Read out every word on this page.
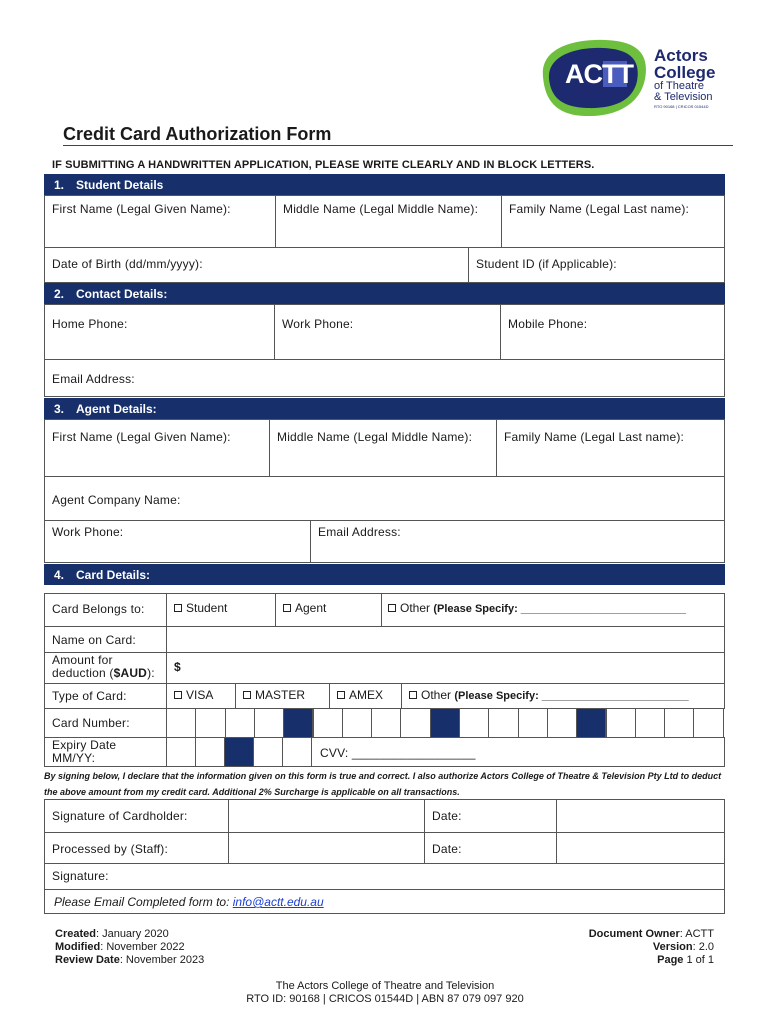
ACTT
Actors
College
of Theatre
& Television
RTO 90168 | CRICOS 01544D
Credit Card Authorization Form
IF SUBMITTING A HANDWRITTEN APPLICATION, PLEASE WRITE CLEARLY AND IN BLOCK LETTERS.
1. Student Details
First Name (Legal Given Name):	Middle Name (Legal Middle Name):	Family Name (Legal Last name):
Date of Birth (dd/mm/yyyy):	Student ID (if Applicable):
2. Contact Details:
Home Phone:	Work Phone:	Mobile Phone:
Email Address:
3. Agent Details:
First Name (Legal Given Name):	Middle Name (Legal Middle Name):	Family Name (Legal Last name):
Agent Company Name:
Work Phone:	Email Address:
4. Card Details:
Card Belongs to:	Student	Agent	Other (Please Specify: ___________________________
Name on Card:
Amount for
deduction ($AUD): $
Type of Card:	VISA	MASTER	AMEX	Other (Please Specify: ________________________
Card Number:
Expiry Date
MM/YY:	CVV: __________________
By signing below, I declare that the information given on this form is true and correct. I also authorize Actors College of Theatre & Television Pty Ltd to deduct the above amount from my credit card. Additional 2% Surcharge is applicable on all transactions.
Signature of Cardholder:	Date:
Processed by (Staff):	Date:
Signature:
Please Email Completed form to: info@actt.edu.au
Created: January 2020
Modified: November 2022
Review Date: November 2023
Document Owner: ACTT
Version: 2.0
Page 1 of 1
The Actors College of Theatre and Television
RTO ID: 90168 | CRICOS 01544D | ABN 87 079 097 920
